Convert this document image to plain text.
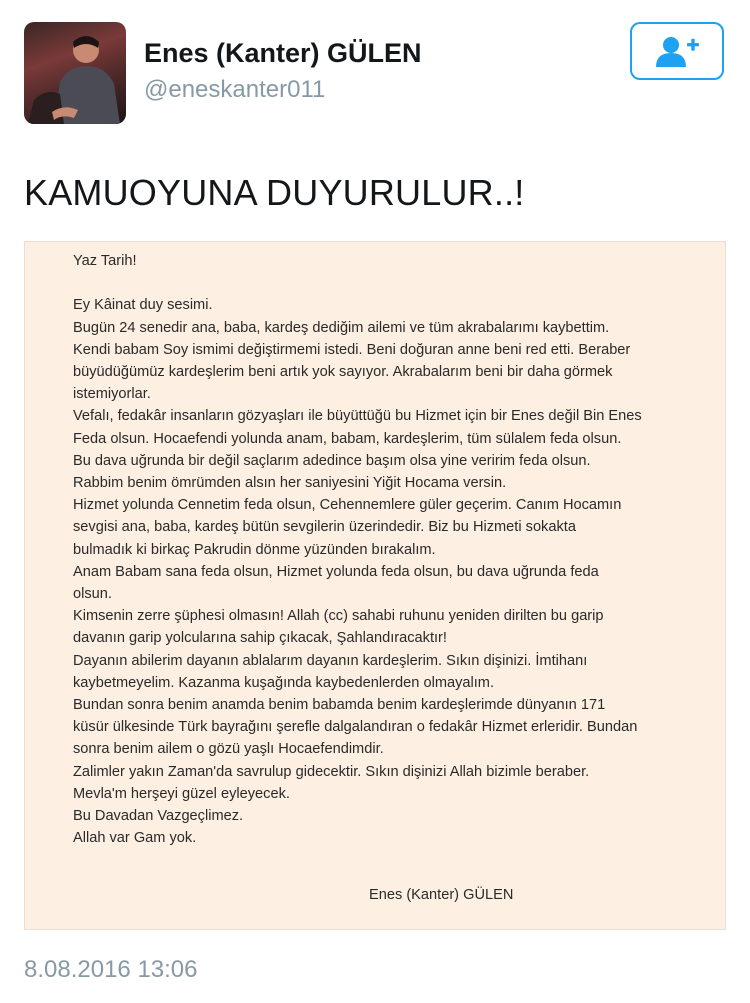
Enes (Kanter) GÜLEN
@eneskanter011
KAMUOYUNA DUYURULUR..!

Yaz Tarih!

Ey Kâinat duy sesimi.

Bugün 24 senedir ana, baba, kardeş dediğim ailemi ve tüm akrabalarımı kaybettim.

Kendi babam Soy ismimi değiştirmemi istedi. Beni doğuran anne beni red etti. Beraber

büyüdüğümüz kardeşlerim beni artık yok sayıyor. Akrabalarım beni bir daha görmek

istemiyorlar.

Vefalı, fedakâr insanların gözyaşları ile büyüttüğü bu Hizmet için bir Enes değil Bin Enes

Feda olsun. Hocaefendi yolunda anam, babam, kardeşlerim, tüm sülalem feda olsun.

Bu dava uğrunda bir değil saçlarım adedince başım olsa yine veririm feda olsun.

Rabbim benim ömrümden alsın her saniyesini Yiğit Hocama versin.

Hizmet yolunda Cennetim feda olsun, Cehennemlere güler geçerim. Canım Hocamın

sevgisi ana, baba, kardeş bütün sevgilerin üzerindedir. Biz bu Hizmeti sokakta

bulmadık ki birkaç Pakrudin dönme yüzünden bırakalım.

Anam Babam sana feda olsun, Hizmet yolunda feda olsun, bu dava uğrunda feda

olsun.

Kimsenin zerre şüphesi olmasın! Allah (cc) sahabi ruhunu yeniden dirilten bu garip

davanın garip yolcularına sahip çıkacak, Şahlandıracaktır!

Dayanın abilerim dayanın ablalarım dayanın kardeşlerim. Sıkın dişinizi. İmtihanı

kaybetmeyelim. Kazanma kuşağında kaybedenlerden olmayalım.

Bundan sonra benim anamda benim babamda benim kardeşlerimde dünyanın 171

küsür ülkesinde Türk bayrağını şerefle dalgalandıran o fedakâr Hizmet erleridir. Bundan

sonra benim ailem o gözü yaşlı Hocaefendimdir.

Zalimler yakın Zaman'da savrulup gidecektir. Sıkın dişinizi Allah bizimle beraber.

Mevla'm herşeyi güzel eyleyecek.

Bu Davadan Vazgeçlimez.

Allah var Gam yok.

Enes (Kanter) GÜLEN

8.08.2016 13:06
